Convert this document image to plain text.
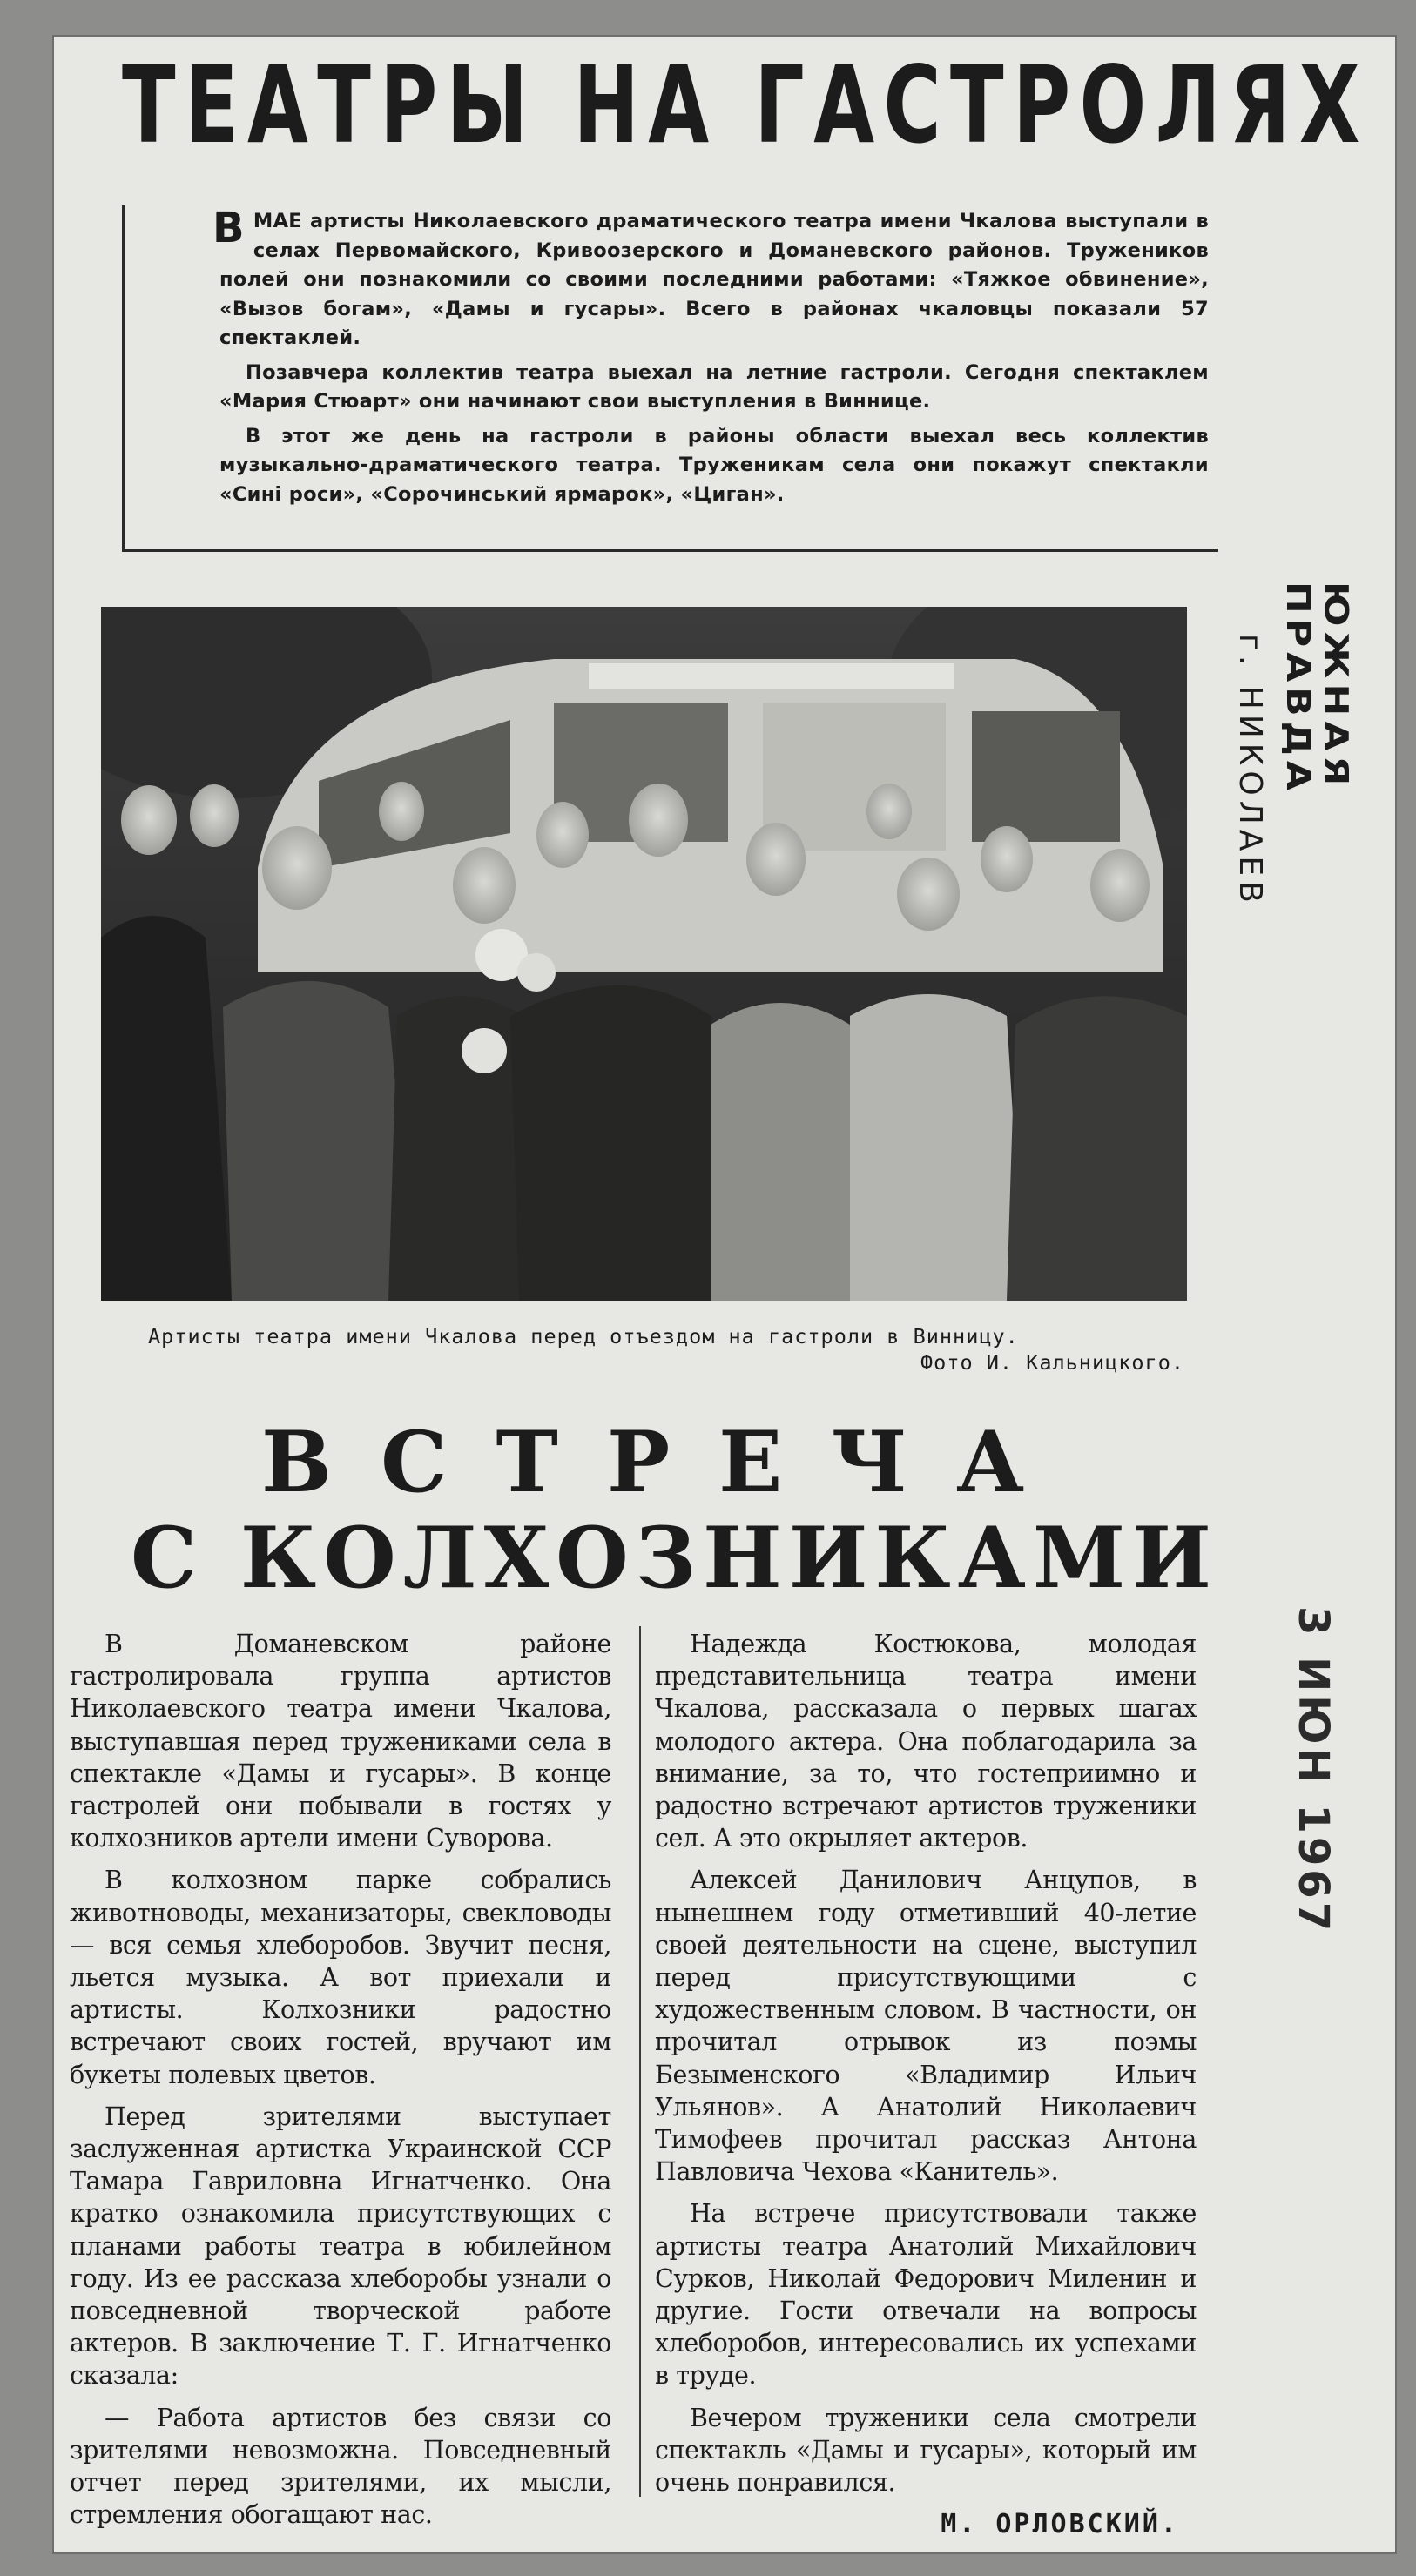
ТЕАТРЫ НА ГАСТРОЛЯХ

ВМАЕ артисты Николаевского драматического театра имени Чкалова выступали в селах Первомайского, Кривоозерского и Доманевского районов. Тружеников полей они познакомили со своими последними работами: «Тяжкое обвинение», «Вызов богам», «Дамы и гусары». Всего в районах чкаловцы показали 57 спектаклей.

Позавчера коллектив театра выехал на летние гастроли. Сегодня спектаклем «Мария Стюарт» они начинают свои выступления в Виннице.

В этот же день на гастроли в районы области выехал весь коллектив музыкально-драматического театра. Труженикам села они покажут спектакли «Сині роси», «Сорочинський ярмарок», «Циган».

Артисты театра имени Чкалова перед отъездом на гастроли в Винницу.
Фото И. Кальницкого.
ЮЖНАЯ ПРАВДА
г. НИКОЛАЕВ
3 ИЮН 1967
ВСТРЕЧА
С КОЛХОЗНИКАМИ

В Доманевском районе гастролировала группа артистов Николаевского театра имени Чкалова, выступавшая перед тружениками села в спектакле «Дамы и гусары». В конце гастролей они побывали в гостях у колхозников артели имени Суворова.

В колхозном парке собрались животноводы, механизаторы, свекловоды — вся семья хлеборобов. Звучит песня, льется музыка. А вот приехали и артисты. Колхозники радостно встречают своих гостей, вручают им букеты полевых цветов.

Перед зрителями выступает заслуженная артистка Украинской ССР Тамара Гавриловна Игнатченко. Она кратко ознакомила присутствующих с планами работы театра в юбилейном году. Из ее рассказа хлеборобы узнали о повседневной творческой работе актеров. В заключение Т. Г. Игнатченко сказала:

— Работа артистов без связи со зрителями невозможна. Повседневный отчет перед зрителями, их мысли, стремления обогащают нас.

Надежда Костюкова, молодая представительница театра имени Чкалова, рассказала о первых шагах молодого актера. Она поблагодарила за внимание, за то, что гостеприимно и радостно встречают артистов труженики сел. А это окрыляет актеров.

Алексей Данилович Анцупов, в нынешнем году отметивший 40-летие своей деятельности на сцене, выступил перед присутствующими с художественным словом. В частности, он прочитал отрывок из поэмы Безыменского «Владимир Ильич Ульянов». А Анатолий Николаевич Тимофеев прочитал рассказ Антона Павловича Чехова «Канитель».

На встрече присутствовали также артисты театра Анатолий Михайлович Сурков, Николай Федорович Миленин и другие. Гости отвечали на вопросы хлеборобов, интересовались их успехами в труде.

Вечером труженики села смотрели спектакль «Дамы и гусары», который им очень понравился.

М. ОРЛОВСКИЙ.
